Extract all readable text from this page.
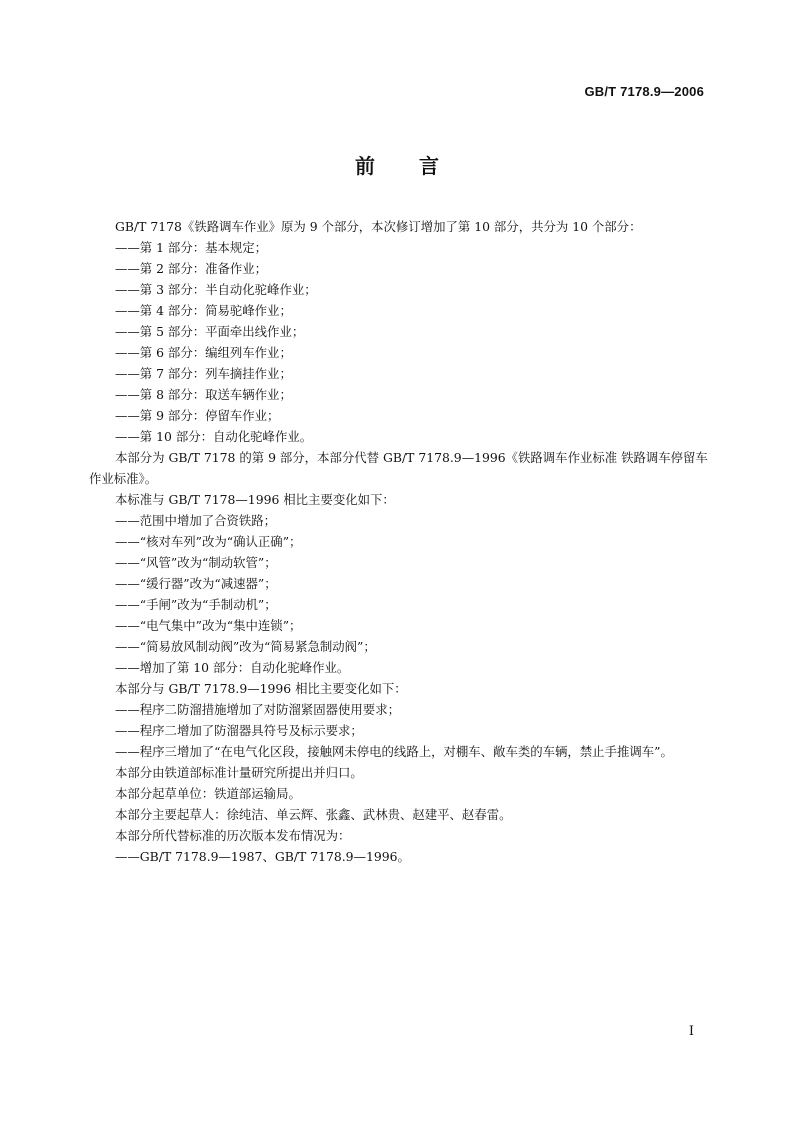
GB/T 7178.9—2006
前言

GB/T 7178《铁路调车作业》原为 9 个部分，本次修订增加了第 10 部分，共分为 10 个部分：

——第 1 部分：基本规定；

——第 2 部分：准备作业；

——第 3 部分：半自动化驼峰作业；

——第 4 部分：简易驼峰作业；

——第 5 部分：平面牵出线作业；

——第 6 部分：编组列车作业；

——第 7 部分：列车摘挂作业；

——第 8 部分：取送车辆作业；

——第 9 部分：停留车作业；

——第 10 部分：自动化驼峰作业。

本部分为 GB/T 7178 的第 9 部分，本部分代替 GB/T 7178.9—1996《铁路调车作业标准 铁路调车停留车作业标准》。

本标准与 GB/T 7178—1996 相比主要变化如下：

——范围中增加了合资铁路；

——“核对车列”改为“确认正确”；

——“风管”改为“制动软管”；

——“缓行器”改为“减速器”；

——“手闸”改为“手制动机”；

——“电气集中”改为“集中连锁”；

——“简易放风制动阀”改为“简易紧急制动阀”；

——增加了第 10 部分：自动化驼峰作业。

本部分与 GB/T 7178.9—1996 相比主要变化如下：

——程序二防溜措施增加了对防溜紧固器使用要求；

——程序二增加了防溜器具符号及标示要求；

——程序三增加了“在电气化区段，接触网未停电的线路上，对棚车、敞车类的车辆，禁止手推调车”。

本部分由铁道部标准计量研究所提出并归口。

本部分起草单位：铁道部运输局。

本部分主要起草人：徐纯洁、单云辉、张鑫、武林贵、赵建平、赵春雷。

本部分所代替标准的历次版本发布情况为：

——GB/T 7178.9—1987、GB/T 7178.9—1996。

I
